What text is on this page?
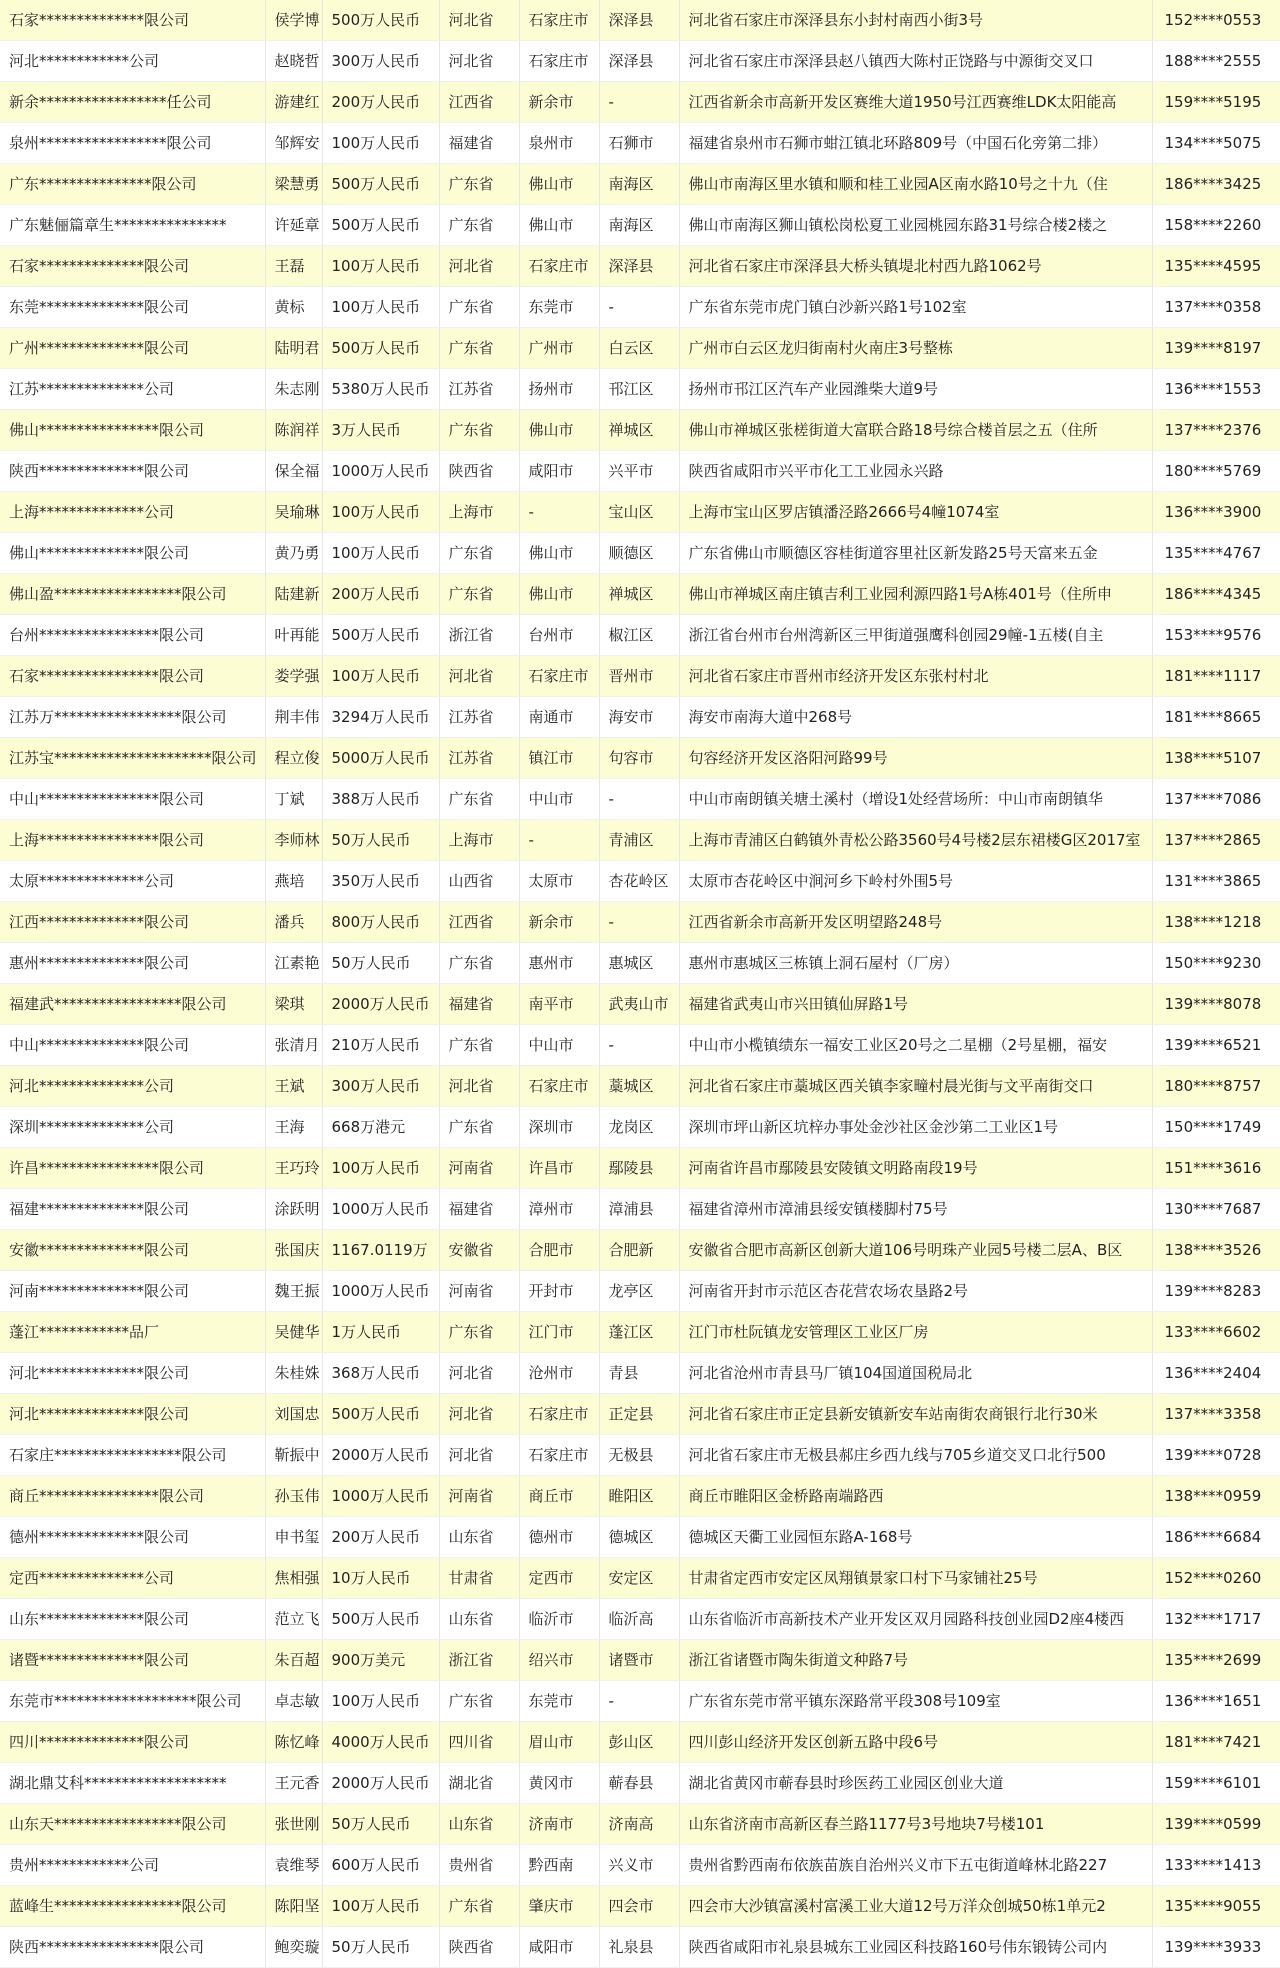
石家**************限公司	侯学博	500万人民币	河北省	石家庄市	深泽县	河北省石家庄市深泽县东小封村南西小街3号	152****0553
河北************公司	赵晓哲	300万人民币	河北省	石家庄市	深泽县	河北省石家庄市深泽县赵八镇西大陈村正饶路与中源街交叉口	188****2555
新余*****************任公司	游建红	200万人民币	江西省	新余市	-	江西省新余市高新开发区赛维大道1950号江西赛维LDK太阳能高	159****5195
泉州*****************限公司	邹辉安	100万人民币	福建省	泉州市	石狮市	福建省泉州市石狮市蚶江镇北环路809号（中国石化旁第二排）	134****5075
广东***************限公司	梁慧勇	500万人民币	广东省	佛山市	南海区	佛山市南海区里水镇和顺和桂工业园A区南水路10号之十九（住	186****3425
广东魅俪篇章生***************	许延章	500万人民币	广东省	佛山市	南海区	佛山市南海区狮山镇松岗松夏工业园桃园东路31号综合楼2楼之	158****2260
石家**************限公司	王磊	100万人民币	河北省	石家庄市	深泽县	河北省石家庄市深泽县大桥头镇堤北村西九路1062号	135****4595
东莞**************限公司	黄标	100万人民币	广东省	东莞市	-	广东省东莞市虎门镇白沙新兴路1号102室	137****0358
广州**************限公司	陆明君	500万人民币	广东省	广州市	白云区	广州市白云区龙归街南村火南庄3号整栋	139****8197
江苏**************公司	朱志刚	5380万人民币	江苏省	扬州市	邗江区	扬州市邗江区汽车产业园潍柴大道9号	136****1553
佛山****************限公司	陈润祥	3万人民币	广东省	佛山市	禅城区	佛山市禅城区张槎街道大富联合路18号综合楼首层之五（住所	137****2376
陕西**************限公司	保全福	1000万人民币	陕西省	咸阳市	兴平市	陕西省咸阳市兴平市化工工业园永兴路	180****5769
上海**************公司	吴瑜琳	100万人民币	上海市	-	宝山区	上海市宝山区罗店镇潘泾路2666号4幢1074室	136****3900
佛山**************限公司	黄乃勇	100万人民币	广东省	佛山市	顺德区	广东省佛山市顺德区容桂街道容里社区新发路25号天富来五金	135****4767
佛山盈*****************限公司	陆建新	200万人民币	广东省	佛山市	禅城区	佛山市禅城区南庄镇吉利工业园利源四路1号A栋401号（住所申	186****4345
台州****************限公司	叶再能	500万人民币	浙江省	台州市	椒江区	浙江省台州市台州湾新区三甲街道强鹰科创园29幢-1五楼(自主	153****9576
石家****************限公司	娄学强	100万人民币	河北省	石家庄市	晋州市	河北省石家庄市晋州市经济开发区东张村村北	181****1117
江苏万*****************限公司	荆丰伟	3294万人民币	江苏省	南通市	海安市	海安市南海大道中268号	181****8665
江苏宝*********************限公司	程立俊	5000万人民币	江苏省	镇江市	句容市	句容经济开发区洛阳河路99号	138****5107
中山****************限公司	丁斌	388万人民币	广东省	中山市	-	中山市南朗镇关塘土溪村（增设1处经营场所：中山市南朗镇华	137****7086
上海****************限公司	李师林	50万人民币	上海市	-	青浦区	上海市青浦区白鹤镇外青松公路3560号4号楼2层东裙楼G区2017室	137****2865
太原**************公司	燕培	350万人民币	山西省	太原市	杏花岭区	太原市杏花岭区中涧河乡下岭村外围5号	131****3865
江西**************限公司	潘兵	800万人民币	江西省	新余市	-	江西省新余市高新开发区明望路248号	138****1218
惠州**************限公司	江素艳	50万人民币	广东省	惠州市	惠城区	惠州市惠城区三栋镇上洞石屋村（厂房）	150****9230
福建武*****************限公司	梁琪	2000万人民币	福建省	南平市	武夷山市	福建省武夷山市兴田镇仙屏路1号	139****8078
中山**************限公司	张清月	210万人民币	广东省	中山市	-	中山市小榄镇绩东一福安工业区20号之二星棚（2号星棚，福安	139****6521
河北**************公司	王斌	300万人民币	河北省	石家庄市	藁城区	河北省石家庄市藁城区西关镇李家疃村晨光街与文平南街交口	180****8757
深圳**************公司	王海	668万港元	广东省	深圳市	龙岗区	深圳市坪山新区坑梓办事处金沙社区金沙第二工业区1号	150****1749
许昌****************限公司	王巧玲	100万人民币	河南省	许昌市	鄢陵县	河南省许昌市鄢陵县安陵镇文明路南段19号	151****3616
福建**************限公司	涂跃明	1000万人民币	福建省	漳州市	漳浦县	福建省漳州市漳浦县绥安镇楼脚村75号	130****7687
安徽**************限公司	张国庆	1167.0119万	安徽省	合肥市	合肥新	安徽省合肥市高新区创新大道106号明珠产业园5号楼二层A、B区	138****3526
河南**************限公司	魏王振	1000万人民币	河南省	开封市	龙亭区	河南省开封市示范区杏花营农场农垦路2号	139****8283
蓬江************品厂	吴健华	1万人民币	广东省	江门市	蓬江区	江门市杜阮镇龙安管理区工业区厂房	133****6602
河北**************限公司	朱桂姝	368万人民币	河北省	沧州市	青县	河北省沧州市青县马厂镇104国道国税局北	136****2404
河北**************限公司	刘国忠	500万人民币	河北省	石家庄市	正定县	河北省石家庄市正定县新安镇新安车站南街农商银行北行30米	137****3358
石家庄*****************限公司	靳振中	2000万人民币	河北省	石家庄市	无极县	河北省石家庄市无极县郝庄乡西九线与705乡道交叉口北行500	139****0728
商丘****************限公司	孙玉伟	1000万人民币	河南省	商丘市	睢阳区	商丘市睢阳区金桥路南端路西	138****0959
德州**************限公司	申书玺	200万人民币	山东省	德州市	德城区	德城区天衢工业园恒东路A-168号	186****6684
定西**************公司	焦相强	10万人民币	甘肃省	定西市	安定区	甘肃省定西市安定区凤翔镇景家口村下马家铺社25号	152****0260
山东**************限公司	范立飞	500万人民币	山东省	临沂市	临沂高	山东省临沂市高新技术产业开发区双月园路科技创业园D2座4楼西	132****1717
诸暨**************限公司	朱百超	900万美元	浙江省	绍兴市	诸暨市	浙江省诸暨市陶朱街道文种路7号	135****2699
东莞市*******************限公司	卓志敏	100万人民币	广东省	东莞市	-	广东省东莞市常平镇东深路常平段308号109室	136****1651
四川**************限公司	陈忆峰	4000万人民币	四川省	眉山市	彭山区	四川彭山经济开发区创新五路中段6号	181****7421
湖北鼎艾科*******************	王元香	2000万人民币	湖北省	黄冈市	蕲春县	湖北省黄冈市蕲春县时珍医药工业园区创业大道	159****6101
山东天*****************限公司	张世刚	50万人民币	山东省	济南市	济南高	山东省济南市高新区春兰路1177号3号地块7号楼101	139****0599
贵州************公司	袁维琴	600万人民币	贵州省	黔西南	兴义市	贵州省黔西南布依族苗族自治州兴义市下五屯街道峰林北路227	133****1413
蓝峰生*****************限公司	陈阳坚	100万人民币	广东省	肇庆市	四会市	四会市大沙镇富溪村富溪工业大道12号万洋众创城50栋1单元2	135****9055
陕西****************限公司	鲍奕璇	50万人民币	陕西省	咸阳市	礼泉县	陕西省咸阳市礼泉县城东工业园区科技路160号伟东锻铸公司内	139****3933
